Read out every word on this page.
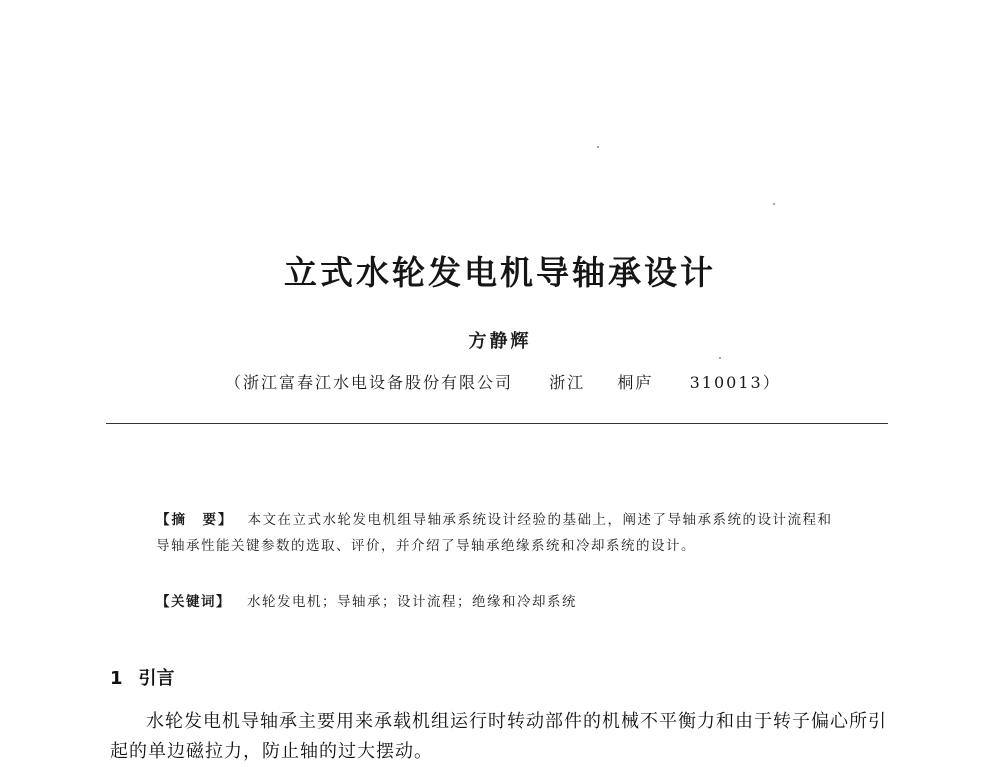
立式水轮发电机导轴承设计
方静辉
（浙江富春江水电设备股份有限公司 浙江 桐庐 310013）
【摘　要】 本文在立式水轮发电机组导轴承系统设计经验的基础上，阐述了导轴承系统的设计流程和导轴承性能关键参数的选取、评价，并介绍了导轴承绝缘系统和冷却系统的设计。
【关键词】 水轮发电机；导轴承；设计流程；绝缘和冷却系统
1 引言
水轮发电机导轴承主要用来承载机组运行时转动部件的机械不平衡力和由于转子偏心所引起的单边磁拉力，防止轴的过大摆动。
